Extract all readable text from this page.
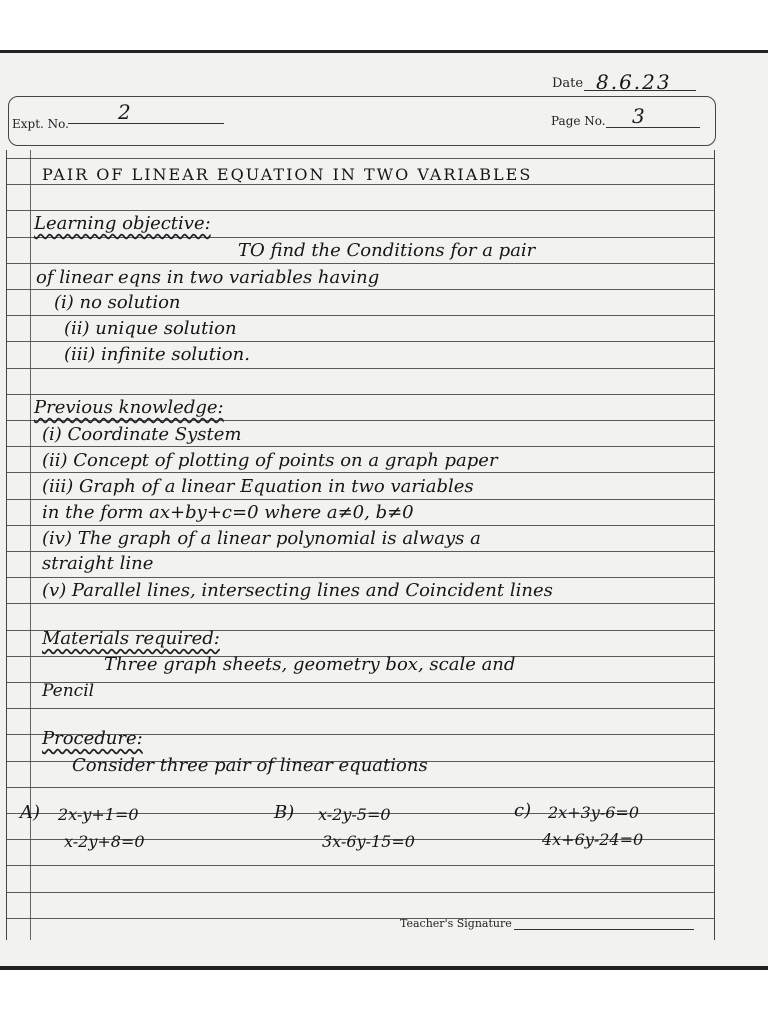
Date 8.6.23
Expt. No. 2	Page No. 3
PAIR OF LINEAR EQUATION IN TWO VARIABLES
Learning objective:
TO find the Conditions for a pair
of linear eqns in two variables having
(i) no solution
(ii) unique solution
(iii) infinite solution.
Previous knowledge:
(i) Coordinate System
(ii) Concept of plotting of points on a graph paper
(iii) Graph of a linear Equation in two variables
in the form ax+by+c=0 where a≠0, b≠0
(iv) The graph of a linear polynomial is always a
straight line
(v) Parallel lines, intersecting lines and Coincident lines
Materials required:
Three graph sheets, geometry box, scale and
Pencil
Procedure:
Consider three pair of linear equations
A) 2x-y+1=0
x-2y+8=0
B) x-2y-5=0
3x-6y-15=0
c) 2x+3y-6=0
4x+6y-24=0
Teacher's Signature
